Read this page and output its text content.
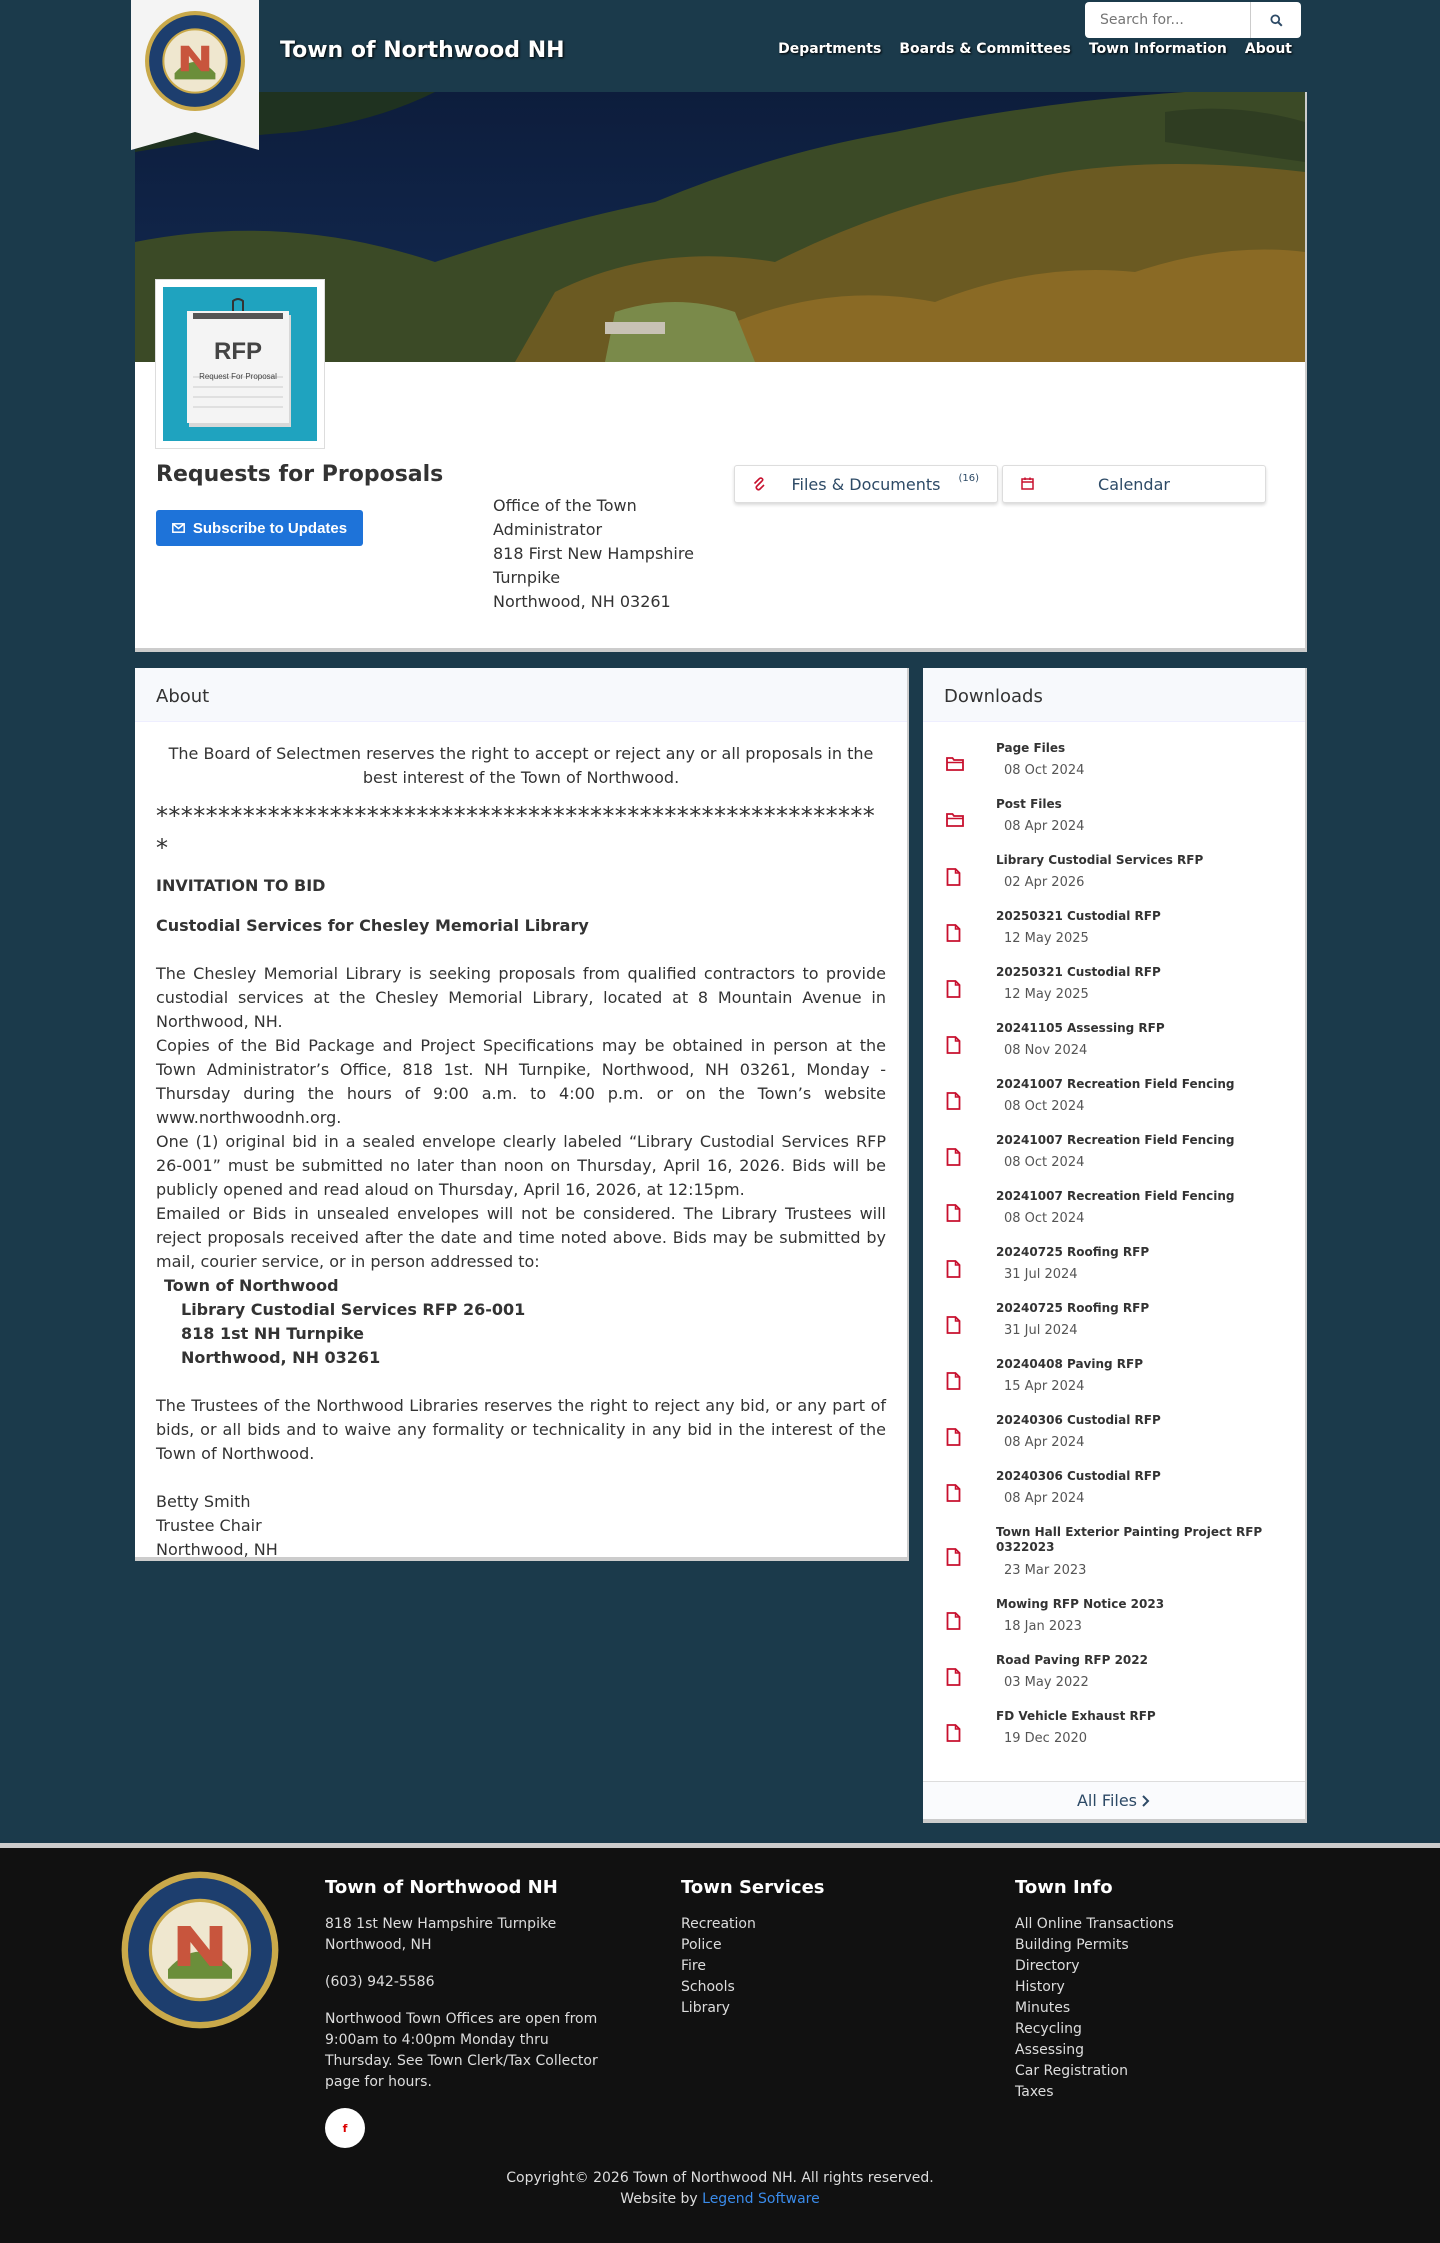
Town of Northwood NH
Search for...	Departments Boards & Committees Town Information About
RFP
Request For Proposal
Requests for Proposals
Subscribe to Updates
Office of the Town
Administrator
818 First New Hampshire
Turnpike
Northwood, NH 03261
Files & Documents (16)	Calendar
About
The Board of Selectmen reserves the right to accept or reject any or all proposals in the best interest of the Town of Northwood.
***********************************************************

INVITATION TO BID

Custodial Services for Chesley Memorial Library

The Chesley Memorial Library is seeking proposals from qualified contractors to provide custodial services at the Chesley Memorial Library, located at 8 Mountain Avenue in Northwood, NH.
Copies of the Bid Package and Project Specifications may be obtained in person at the Town Administrator’s Office, 818 1st. NH Turnpike, Northwood, NH 03261, Monday - Thursday during the hours of 9:00 a.m. to 4:00 p.m. or on the Town’s website www.northwoodnh.org.
One (1) original bid in a sealed envelope clearly labeled “Library Custodial Services RFP 26-001” must be submitted no later than noon on Thursday, April 16, 2026. Bids will be publicly opened and read aloud on Thursday, April 16, 2026, at 12:15pm.
Emailed or Bids in unsealed envelopes will not be considered. The Library Trustees will reject proposals received after the date and time noted above. Bids may be submitted by mail, courier service, or in person addressed to:
Town of Northwood
Library Custodial Services RFP 26-001
818 1st NH Turnpike
Northwood, NH 03261
The Trustees of the Northwood Libraries reserves the right to reject any bid, or any part of bids, or all bids and to waive any formality or technicality in any bid in the interest of the Town of Northwood.
Betty Smith
Trustee Chair
Northwood, NH
Downloads
Page Files
08 Oct 2024
Post Files
08 Apr 2024
Library Custodial Services RFP
02 Apr 2026
20250321 Custodial RFP
12 May 2025
20250321 Custodial RFP
12 May 2025
20241105 Assessing RFP
08 Nov 2024
20241007 Recreation Field Fencing
08 Oct 2024
20241007 Recreation Field Fencing
08 Oct 2024
20241007 Recreation Field Fencing
08 Oct 2024
20240725 Roofing RFP
31 Jul 2024
20240725 Roofing RFP
31 Jul 2024
20240408 Paving RFP
15 Apr 2024
20240306 Custodial RFP
08 Apr 2024
20240306 Custodial RFP
08 Apr 2024
Town Hall Exterior Painting Project RFP 0322023
23 Mar 2023
Mowing RFP Notice 2023
18 Jan 2023
Road Paving RFP 2022
03 May 2022
FD Vehicle Exhaust RFP
19 Dec 2020
All Files
Town of Northwood NH
818 1st New Hampshire Turnpike
Northwood, NH
(603) 942-5586
Northwood Town Offices are open from 9:00am to 4:00pm Monday thru Thursday. See Town Clerk/Tax Collector page for hours.
Town Services
Recreation
Police
Fire
Schools
Library
Town Info
All Online Transactions
Building Permits
Directory
History
Minutes
Recycling
Assessing
Car Registration
Taxes
f
Copyright© 2026 Town of Northwood NH. All rights reserved.
Website by Legend Software
